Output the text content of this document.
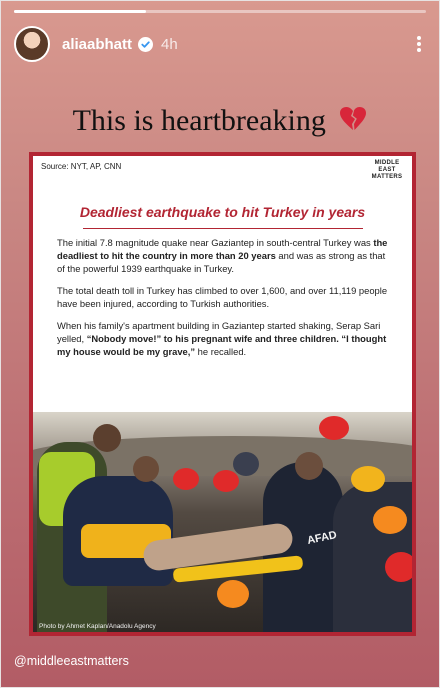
aliaabhatt 4h
This is heartbreaking
Source: NYT, AP, CNN	MIDDLE
EAST
MATTERS
Deadliest earthquake to hit Turkey in years

The initial 7.8 magnitude quake near Gaziantep in south-central Turkey was the deadliest to hit the country in more than 20 years and was as strong as that of the powerful 1939 earthquake in Turkey.

The total death toll in Turkey has climbed to over 1,600, and over 11,119 people have been injured, according to Turkish authorities.

When his family's apartment building in Gaziantep started shaking, Serap Sari yelled, “Nobody move!” to his pregnant wife and three children. “I thought my house would be my grave,” he recalled.

AFAD
Photo by Ahmet Kaplan/Anadolu Agency
@middleeastmatters
